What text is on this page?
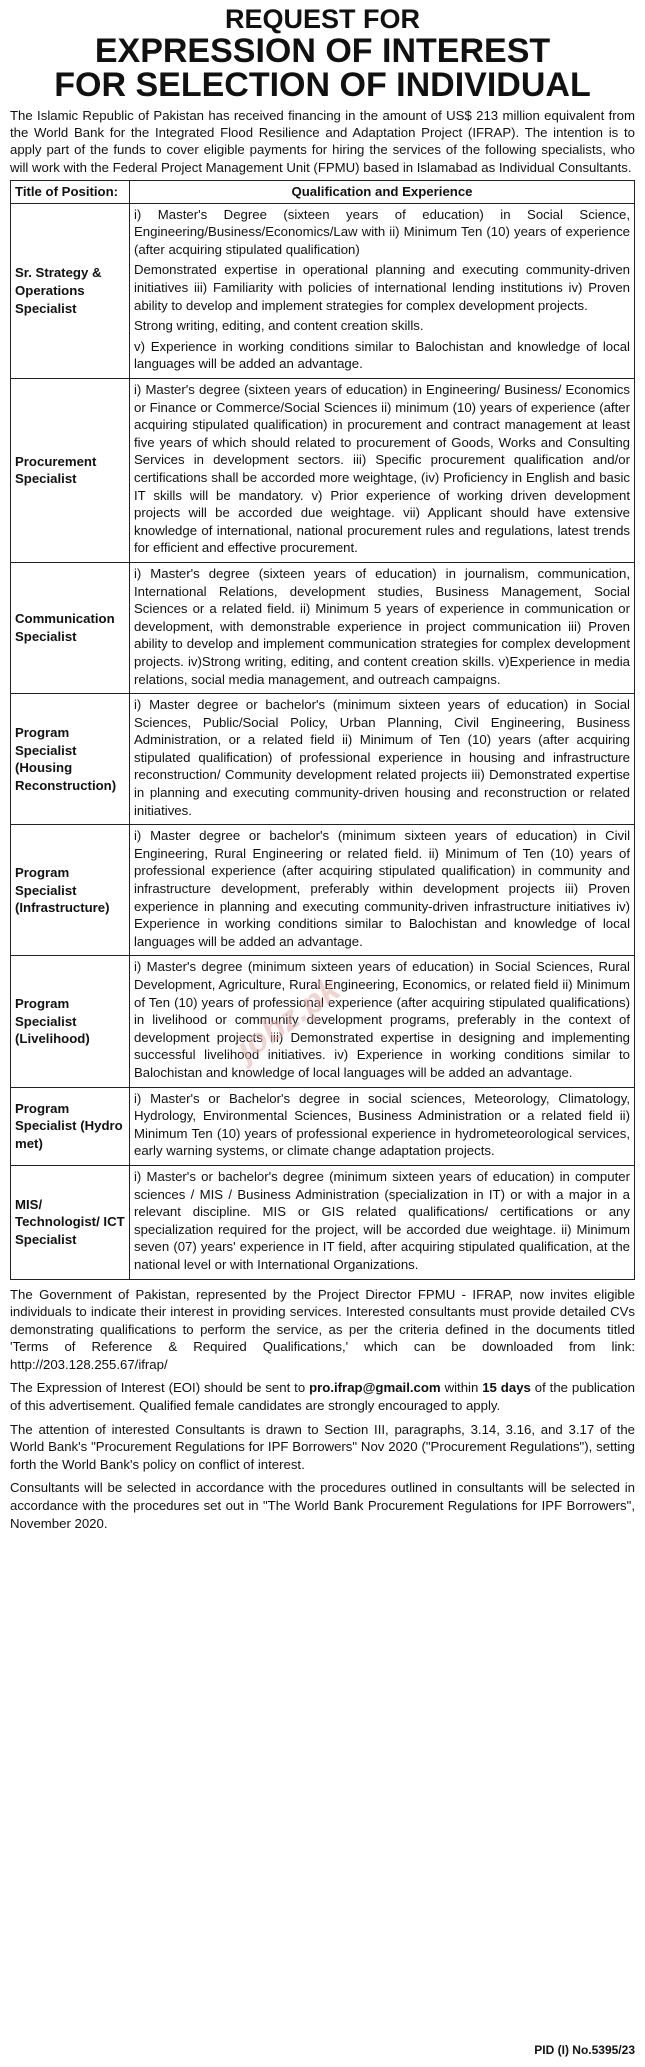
REQUEST FOR
EXPRESSION OF INTEREST
FOR SELECTION OF INDIVIDUAL
The Islamic Republic of Pakistan has received financing in the amount of US$ 213 million equivalent from the World Bank for the Integrated Flood Resilience and Adaptation Project (IFRAP). The intention is to apply part of the funds to cover eligible payments for hiring the services of the following specialists, who will work with the Federal Project Management Unit (FPMU) based in Islamabad as Individual Consultants.
Title of Position:	Qualification and Experience
Sr. Strategy & Operations Specialist	i) Master's Degree (sixteen years of education) in Social Science, Engineering/Business/Economics/Law with ii) Minimum Ten (10) years of experience (after acquiring stipulated qualification)

Demonstrated expertise in operational planning and executing community-driven initiatives iii) Familiarity with policies of international lending institutions iv) Proven ability to develop and implement strategies for complex development projects.

Strong writing, editing, and content creation skills.

v) Experience in working conditions similar to Balochistan and knowledge of local languages will be added an advantage.

Procurement Specialist	i) Master's degree (sixteen years of education) in Engineering/ Business/ Economics or Finance or Commerce/Social Sciences ii) minimum (10) years of experience (after acquiring stipulated qualification) in procurement and contract management at least five years of which should related to procurement of Goods, Works and Consulting Services in development sectors. iii) Specific procurement qualification and/or certifications shall be accorded more weightage, (iv) Proficiency in English and basic IT skills will be mandatory. v) Prior experience of working driven development projects will be accorded due weightage. vii) Applicant should have extensive knowledge of international, national procurement rules and regulations, latest trends for efficient and effective procurement.

Communication Specialist	i) Master's degree (sixteen years of education) in journalism, communication, International Relations, development studies, Business Management, Social Sciences or a related field. ii) Minimum 5 years of experience in communication or development, with demonstrable experience in project communication iii) Proven ability to develop and implement communication strategies for complex development projects. iv)Strong writing, editing, and content creation skills. v)Experience in media relations, social media management, and outreach campaigns.

Program Specialist (Housing Reconstruction)	i) Master degree or bachelor's (minimum sixteen years of education) in Social Sciences, Public/Social Policy, Urban Planning, Civil Engineering, Business Administration, or a related field ii) Minimum of Ten (10) years (after acquiring stipulated qualification) of professional experience in housing and infrastructure reconstruction/ Community development related projects iii) Demonstrated expertise in planning and executing community-driven housing and reconstruction or related initiatives.

Program Specialist (Infrastructure)	i) Master degree or bachelor's (minimum sixteen years of education) in Civil Engineering, Rural Engineering or related field. ii) Minimum of Ten (10) years of professional experience (after acquiring stipulated qualification) in community and infrastructure development, preferably within development projects iii) Proven experience in planning and executing community-driven infrastructure initiatives iv) Experience in working conditions similar to Balochistan and knowledge of local languages will be added an advantage.

Program Specialist (Livelihood)	i) Master's degree (minimum sixteen years of education) in Social Sciences, Rural Development, Agriculture, Rural Engineering, Economics, or related field ii) Minimum of Ten (10) years of professional experience (after acquiring stipulated qualifications) in livelihood or community development programs, preferably in the context of development projects iii) Demonstrated expertise in designing and implementing successful livelihood initiatives. iv) Experience in working conditions similar to Balochistan and knowledge of local languages will be added an advantage.

Program Specialist (Hydro met)	i) Master's or Bachelor's degree in social sciences, Meteorology, Climatology, Hydrology, Environmental Sciences, Business Administration or a related field ii) Minimum Ten (10) years of professional experience in hydrometeorological services, early warning systems, or climate change adaptation projects.

MIS/ Technologist/ ICT Specialist	i) Master's or bachelor's degree (minimum sixteen years of education) in computer sciences / MIS / Business Administration (specialization in IT) or with a major in a relevant discipline. MIS or GIS related qualifications/ certifications or any specialization required for the project, will be accorded due weightage. ii) Minimum seven (07) years' experience in IT field, after acquiring stipulated qualification, at the national level or with International Organizations.

The Government of Pakistan, represented by the Project Director FPMU - IFRAP, now invites eligible individuals to indicate their interest in providing services. Interested consultants must provide detailed CVs demonstrating qualifications to perform the service, as per the criteria defined in the documents titled 'Terms of Reference & Required Qualifications,' which can be downloaded from link: http://203.128.255.67/ifrap/

The Expression of Interest (EOI) should be sent to pro.ifrap@gmail.com within 15 days of the publication of this advertisement. Qualified female candidates are strongly encouraged to apply.

The attention of interested Consultants is drawn to Section III, paragraphs, 3.14, 3.16, and 3.17 of the World Bank's "Procurement Regulations for IPF Borrowers" Nov 2020 ("Procurement Regulations"), setting forth the World Bank's policy on conflict of interest.

Consultants will be selected in accordance with the procedures outlined in consultants will be selected in accordance with the procedures set out in "The World Bank Procurement Regulations for IPF Borrowers", November 2020.

PID (I) No.5395/23
jobz.pk
